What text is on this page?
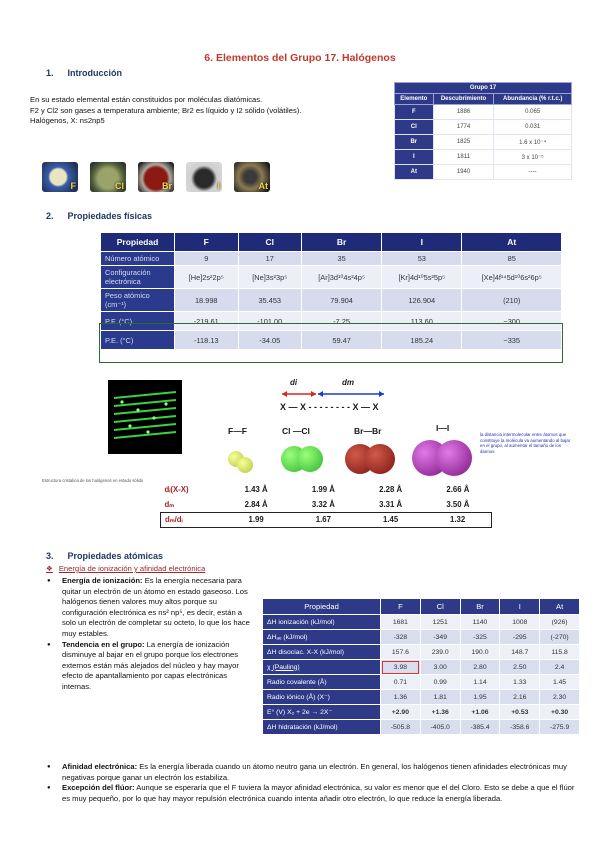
6. Elementos del Grupo 17. Halógenos
1. Introducción
En su estado elemental están constituidos por moléculas diatómicas.
F2 y Cl2 son gases a temperatura ambiente; Br2 es líquido y I2 sólido (volátiles).
Halógenos, X: ns2np5
F	Cl	Br	I	At
Grupo 17		
Elemento	Descubrimiento	Abundancia (% r.t.c.)
F	1886	0.065
Cl	1774	0.031
Br	1825	1.6 x 10⁻⁴
I	1811	3 x 10⁻⁵
At	1940	----
2. Propiedades físicas
Propiedad	F	Cl	Br	I	At
Número atómico	9	17	35	53	85
Configuración electrónica	[He]2s²2p⁵	[Ne]3s²3p⁵	[Ar]3d¹⁰4s²4p⁵	[Kr]4d¹⁰5s²5p⁵	[Xe]4f¹⁴5d¹⁰6s²6p⁵
Peso atómico (cm⁻¹)	18.998	35.453	79.904	126.904	(210)
P.F. (°C)	-219.61	-101.00	-7.25	113.60	~300
P.E. (°C)	-118.13	-34.05	59.47	185.24	~335
Estructura cristalina de los halógenos en estado sólido
di	dm
X — X - - - - - - - - X — X
F—F	Cl —Cl	Br—Br	I—I
la distancia intermolecular entre átomos que constituye la molécula va aumentando al bajar en el grupo, al aumentar el tamaño de los átomos
dᵢ(X-X)	1.43 Å	1.99 Å	2.28 Å	2.66 Å
dₘ	2.84 Å	3.32 Å	3.31 Å	3.50 Å
dₘ/dᵢ	1.99	1.67	1.45	1.32
3. Propiedades atómicas
❖ Energía de ionización y afinidad electrónica
● Energía de ionización: Es la energía necesaria para quitar un electrón de un átomo en estado gaseoso. Los halógenos tienen valores muy altos porque su configuración electrónica es ns² np⁵, es decir, están a solo un electrón de completar su octeto, lo que los hace muy estables.
● Tendencia en el grupo: La energía de ionización disminuye al bajar en el grupo porque los electrones externos están más alejados del núcleo y hay mayor efecto de apantallamiento por capas electrónicas internas.
Propiedad	F	Cl	Br	I	At
ΔH ionización (kJ/mol)	1681	1251	1140	1008	(926)
ΔHₐₑ (kJ/mol)	-328	-349	-325	-295	(-270)
ΔH disociac. X-X (kJ/mol)	157.6	239.0	190.0	148.7	115.8
χ (Pauling)	3.98	3.00	2.80	2.50	2.4
Radio covalente (Å)	0.71	0.99	1.14	1.33	1.45
Radio iónico (Å) (X⁻)	1.36	1.81	1.95	2.16	2.30
E° (V) X₂ + 2e → 2X⁻	+2.90	+1.36	+1.06	+0.53	+0.30
ΔH hidratación (kJ/mol)	-505.8	-405.0	-385.4	-358.6	-275.9
● Afinidad electrónica: Es la energía liberada cuando un átomo neutro gana un electrón. En general, los halógenos tienen afinidades electrónicas muy negativas porque ganar un electrón los estabiliza.
● Excepción del flúor: Aunque se esperaría que el F tuviera la mayor afinidad electrónica, su valor es menor que el del Cloro. Esto se debe a que el flúor es muy pequeño, por lo que hay mayor repulsión electrónica cuando intenta añadir otro electrón, lo que reduce la energía liberada.
